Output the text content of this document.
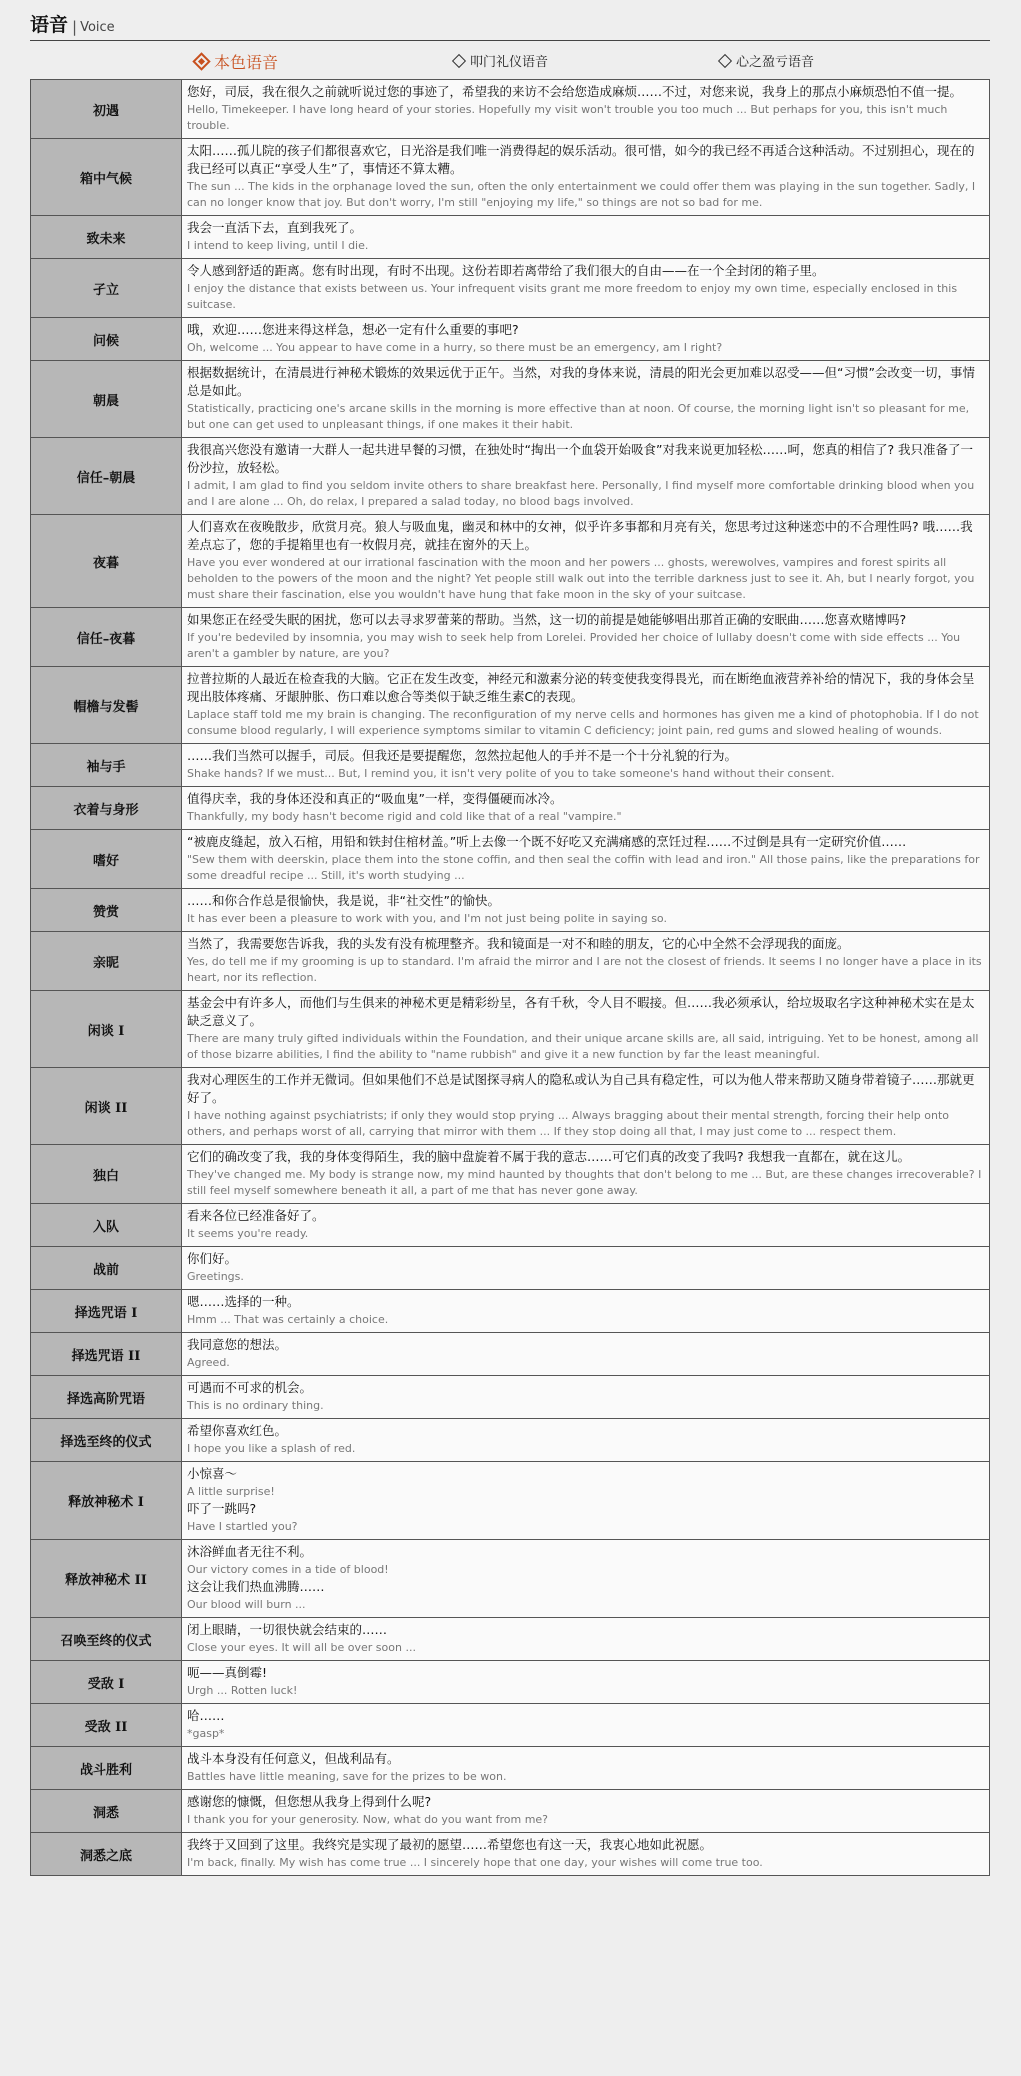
语音 | Voice
本色语音	叩门礼仪语音	心之盈亏语音
初遇	您好，司辰，我在很久之前就听说过您的事迹了，希望我的来访不会给您造成麻烦……不过，对您来说，我身上的那点小麻烦恐怕不值一提。
Hello, Timekeeper. I have long heard of your stories. Hopefully my visit won't trouble you too much ... But perhaps for you, this isn't much trouble.

箱中气候	太阳……孤儿院的孩子们都很喜欢它，日光浴是我们唯一消费得起的娱乐活动。很可惜，如今的我已经不再适合这种活动。不过别担心，现在的我已经可以真正“享受人生”了，事情还不算太糟。
The sun ... The kids in the orphanage loved the sun, often the only entertainment we could offer them was playing in the sun together. Sadly, I can no longer know that joy. But don't worry, I'm still "enjoying my life," so things are not so bad for me.

致未来	我会一直活下去，直到我死了。
I intend to keep living, until I die.

孑立	令人感到舒适的距离。您有时出现，有时不出现。这份若即若离带给了我们很大的自由——在一个全封闭的箱子里。
I enjoy the distance that exists between us. Your infrequent visits grant me more freedom to enjoy my own time, especially enclosed in this suitcase.

问候	哦，欢迎……您进来得这样急，想必一定有什么重要的事吧?
Oh, welcome ... You appear to have come in a hurry, so there must be an emergency, am I right?

朝晨	根据数据统计，在清晨进行神秘术锻炼的效果远优于正午。当然，对我的身体来说，清晨的阳光会更加难以忍受——但“习惯”会改变一切，事情总是如此。
Statistically, practicing one's arcane skills in the morning is more effective than at noon. Of course, the morning light isn't so pleasant for me, but one can get used to unpleasant things, if one makes it their habit.

信任–朝晨	我很高兴您没有邀请一大群人一起共进早餐的习惯，在独处时“掏出一个血袋开始吸食”对我来说更加轻松……呵，您真的相信了? 我只准备了一份沙拉，放轻松。
I admit, I am glad to find you seldom invite others to share breakfast here. Personally, I find myself more comfortable drinking blood when you and I are alone ... Oh, do relax, I prepared a salad today, no blood bags involved.

夜暮	人们喜欢在夜晚散步，欣赏月亮。狼人与吸血鬼，幽灵和林中的女神，似乎许多事都和月亮有关，您思考过这种迷恋中的不合理性吗? 哦……我差点忘了，您的手提箱里也有一枚假月亮，就挂在窗外的天上。
Have you ever wondered at our irrational fascination with the moon and her powers ... ghosts, werewolves, vampires and forest spirits all beholden to the powers of the moon and the night? Yet people still walk out into the terrible darkness just to see it. Ah, but I nearly forgot, you must share their fascination, else you wouldn't have hung that fake moon in the sky of your suitcase.

信任–夜暮	如果您正在经受失眠的困扰，您可以去寻求罗蕾莱的帮助。当然，这一切的前提是她能够唱出那首正确的安眠曲……您喜欢赌博吗?
If you're bedeviled by insomnia, you may wish to seek help from Lorelei. Provided her choice of lullaby doesn't come with side effects ... You aren't a gambler by nature, are you?

帽檐与发髻	拉普拉斯的人最近在检查我的大脑。它正在发生改变，神经元和激素分泌的转变使我变得畏光，而在断绝血液营养补给的情况下，我的身体会呈现出肢体疼痛、牙龈肿胀、伤口难以愈合等类似于缺乏维生素C的表现。
Laplace staff told me my brain is changing. The reconfiguration of my nerve cells and hormones has given me a kind of photophobia. If I do not consume blood regularly, I will experience symptoms similar to vitamin C deficiency; joint pain, red gums and slowed healing of wounds.

袖与手	……我们当然可以握手，司辰。但我还是要提醒您，忽然拉起他人的手并不是一个十分礼貌的行为。
Shake hands? If we must... But, I remind you, it isn't very polite of you to take someone's hand without their consent.

衣着与身形	值得庆幸，我的身体还没和真正的“吸血鬼”一样，变得僵硬而冰冷。
Thankfully, my body hasn't become rigid and cold like that of a real "vampire."

嗜好	“被鹿皮缝起，放入石棺，用铅和铁封住棺材盖。”听上去像一个既不好吃又充满痛感的烹饪过程……不过倒是具有一定研究价值……
"Sew them with deerskin, place them into the stone coffin, and then seal the coffin with lead and iron." All those pains, like the preparations for some dreadful recipe ... Still, it's worth studying ...

赞赏	……和你合作总是很愉快，我是说，非“社交性”的愉快。
It has ever been a pleasure to work with you, and I'm not just being polite in saying so.

亲昵	当然了，我需要您告诉我，我的头发有没有梳理整齐。我和镜面是一对不和睦的朋友，它的心中全然不会浮现我的面庞。
Yes, do tell me if my grooming is up to standard. I'm afraid the mirror and I are not the closest of friends. It seems I no longer have a place in its heart, nor its reflection.

闲谈 I	基金会中有许多人，而他们与生俱来的神秘术更是精彩纷呈，各有千秋，令人目不暇接。但……我必须承认，给垃圾取名字这种神秘术实在是太缺乏意义了。
There are many truly gifted individuals within the Foundation, and their unique arcane skills are, all said, intriguing. Yet to be honest, among all of those bizarre abilities, I find the ability to "name rubbish" and give it a new function by far the least meaningful.

闲谈 II	我对心理医生的工作并无微词。但如果他们不总是试图探寻病人的隐私或认为自己具有稳定性，可以为他人带来帮助又随身带着镜子……那就更好了。
I have nothing against psychiatrists; if only they would stop prying ... Always bragging about their mental strength, forcing their help onto others, and perhaps worst of all, carrying that mirror with them ... If they stop doing all that, I may just come to ... respect them.

独白	它们的确改变了我，我的身体变得陌生，我的脑中盘旋着不属于我的意志……可它们真的改变了我吗? 我想我一直都在，就在这儿。
They've changed me. My body is strange now, my mind haunted by thoughts that don't belong to me ... But, are these changes irrecoverable? I still feel myself somewhere beneath it all, a part of me that has never gone away.

入队	看来各位已经准备好了。
It seems you're ready.

战前	你们好。
Greetings.

择选咒语 I	嗯……选择的一种。
Hmm ... That was certainly a choice.

择选咒语 II	我同意您的想法。
Agreed.

择选高阶咒语	可遇而不可求的机会。
This is no ordinary thing.

择选至终的仪式	希望你喜欢红色。
I hope you like a splash of red.

释放神秘术 I	小惊喜～
A little surprise!
吓了一跳吗?
Have I startled you?

释放神秘术 II	沐浴鲜血者无往不利。
Our victory comes in a tide of blood!
这会让我们热血沸腾……
Our blood will burn ...

召唤至终的仪式	闭上眼睛，一切很快就会结束的……
Close your eyes. It will all be over soon ...

受敌 I	呃——真倒霉!
Urgh ... Rotten luck!

受敌 II	哈……
*gasp*

战斗胜利	战斗本身没有任何意义，但战利品有。
Battles have little meaning, save for the prizes to be won.

洞悉	感谢您的慷慨，但您想从我身上得到什么呢?
I thank you for your generosity. Now, what do you want from me?

洞悉之底	我终于又回到了这里。我终究是实现了最初的愿望……希望您也有这一天，我衷心地如此祝愿。
I'm back, finally. My wish has come true ... I sincerely hope that one day, your wishes will come true too.
